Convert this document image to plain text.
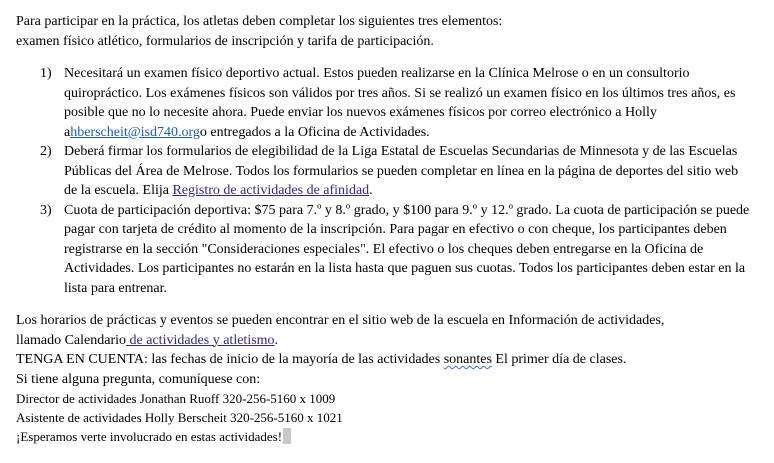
Para participar en la práctica, los atletas deben completar los siguientes tres elementos:
examen físico atlético, formularios de inscripción y tarifa de participación.

1) Necesitará un examen físico deportivo actual. Estos pueden realizarse en la Clínica Melrose o en un consultorio quiropráctico. Los exámenes físicos son válidos por tres años. Si se realizó un examen físico en los últimos tres años, es posible que no lo necesite ahora. Puede enviar los nuevos exámenes físicos por correo electrónico a Holly ahberscheit@isd740.orgo entregados a la Oficina de Actividades.
2) Deberá firmar los formularios de elegibilidad de la Liga Estatal de Escuelas Secundarias de Minnesota y de las Escuelas Públicas del Área de Melrose. Todos los formularios se pueden completar en línea en la página de deportes del sitio web de la escuela. Elija Registro de actividades de afinidad.
3) Cuota de participación deportiva: $75 para 7.º y 8.º grado, y $100 para 9.º y 12.º grado. La cuota de participación se puede pagar con tarjeta de crédito al momento de la inscripción. Para pagar en efectivo o con cheque, los participantes deben registrarse en la sección "Consideraciones especiales". El efectivo o los cheques deben entregarse en la Oficina de Actividades. Los participantes no estarán en la lista hasta que paguen sus cuotas. Todos los participantes deben estar en la lista para entrenar.
Los horarios de prácticas y eventos se pueden encontrar en el sitio web de la escuela en Información de actividades,
llamado Calendario de actividades y atletismo.
TENGA EN CUENTA: las fechas de inicio de la mayoría de las actividades sonantes El primer día de clases.
Si tiene alguna pregunta, comuníquese con:
Director de actividades Jonathan Ruoff 320-256-5160 x 1009
Asistente de actividades Holly Berscheit 320-256-5160 x 1021
¡Esperamos verte involucrado en estas actividades!
